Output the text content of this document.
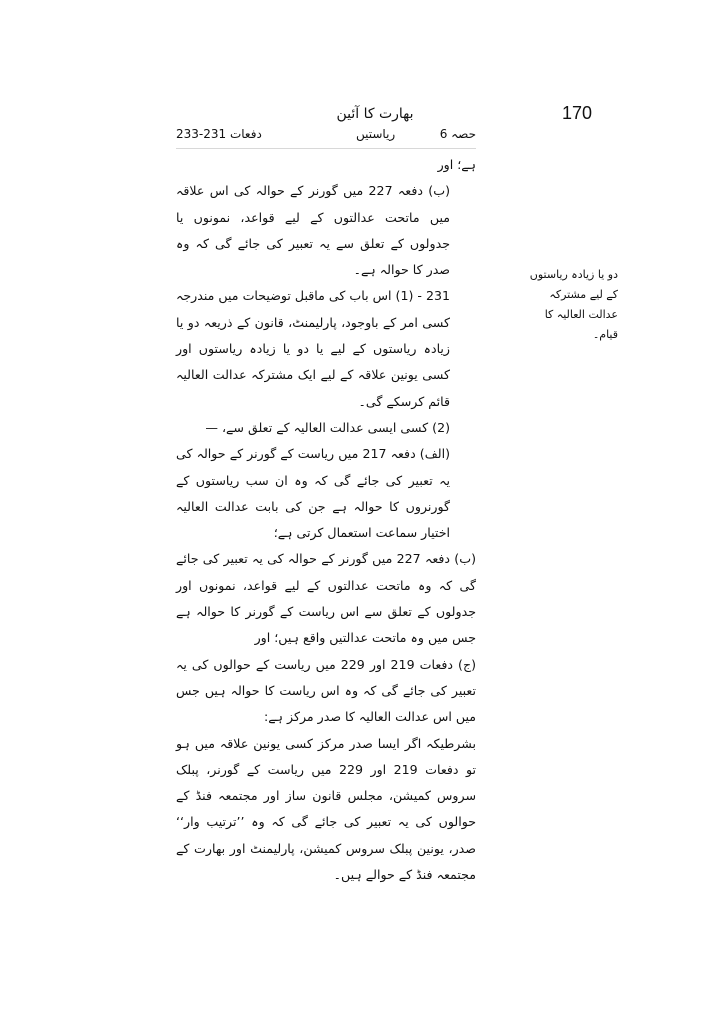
170
بھارت کا آئین
حصہ 6
ریاستیں
دفعات 231-233
دو یا زیادہ ریاستوں کے لیے مشترکہ عدالت العالیہ کا قیام۔

ہے؛ اور

(ب) دفعہ 227 میں گورنر کے حوالہ کی اس علاقہ میں ماتحت عدالتوں کے لیے قواعد، نمونوں یا جدولوں کے تعلق سے یہ تعبیر کی جائے گی کہ وہ صدر کا حوالہ ہے۔

231 - (1) اس باب کی ماقبل توضیحات میں مندرجہ کسی امر کے باوجود، پارلیمنٹ، قانون کے ذریعہ دو یا زیادہ ریاستوں کے لیے یا دو یا زیادہ ریاستوں اور کسی یونین علاقہ کے لیے ایک مشترکہ عدالت العالیہ قائم کرسکے گی۔

(2) کسی ایسی عدالت العالیہ کے تعلق سے، —

(الف) دفعہ 217 میں ریاست کے گورنر کے حوالہ کی یہ تعبیر کی جائے گی کہ وہ ان سب ریاستوں کے گورنروں کا حوالہ ہے جن کی بابت عدالت العالیہ اختیار سماعت استعمال کرتی ہے؛

(ب) دفعہ 227 میں گورنر کے حوالہ کی یہ تعبیر کی جائے گی کہ وہ ماتحت عدالتوں کے لیے قواعد، نمونوں اور جدولوں کے تعلق سے اس ریاست کے گورنر کا حوالہ ہے جس میں وہ ماتحت عدالتیں واقع ہیں؛ اور

(ج) دفعات 219 اور 229 میں ریاست کے حوالوں کی یہ تعبیر کی جائے گی کہ وہ اس ریاست کا حوالہ ہیں جس میں اس عدالت العالیہ کا صدر مرکز ہے:

بشرطیکہ اگر ایسا صدر مرکز کسی یونین علاقہ میں ہو تو دفعات 219 اور 229 میں ریاست کے گورنر، پبلک سروس کمیشن، مجلس قانون ساز اور مجتمعہ فنڈ کے حوالوں کی یہ تعبیر کی جائے گی کہ وہ ’’ترتیب وار‘‘ صدر، یونین پبلک سروس کمیشن، پارلیمنٹ اور بھارت کے مجتمعہ فنڈ کے حوالے ہیں۔
